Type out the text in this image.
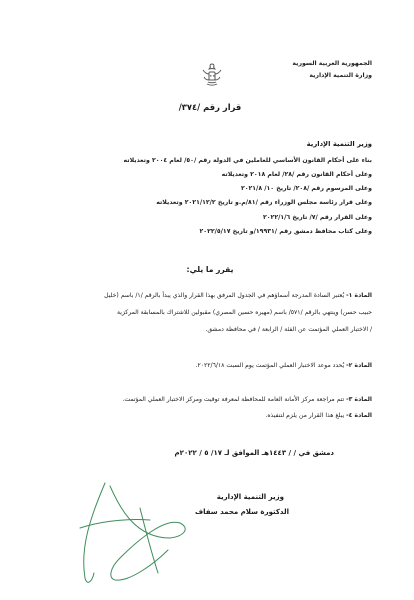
الجمهورية العربية السورية
وزارة التنمية الإدارية
قرار رقم /٣٧٤/
وزير التنمية الإدارية
بناء على أحكام القانون الأساسي للعاملين في الدولة رقم /٥٠/ لعام ٢٠٠٤ وتعديلاته
وعلى أحكام القانون رقم /٢٨/ لعام ٢٠١٨ وتعديلاته
وعلى المرسوم رقم /٢٠٨/ تاريخ ١٠/ ٢٠٢١/٨
وعلى قرار رئاسة مجلس الوزراء رقم /٨١/م.و تاريخ ٢٠٢١/١٢/٢ وتعديلاته
وعلى القرار رقم /٧/ تاريخ ٢٠٢٢/١/٦
وعلى كتاب محافظ دمشق رقم /١٩٩٣١/و تاريخ ٢٠٢٢/٥/١٧
يقرر ما يلي:
المادة ١- يُعتبر السادة المدرجة أسماؤهم في الجدول المرفق بهذا القرار والذي يبدأ بالرقم /١/ باسم (خليل
حبيب حسن) وينتهي بالرقم /٥٧١/ باسم (مهيره حسين المصري) مقبولين للاشتراك بالمسابقة المركزية
/ الاختبار العملي المؤتمت عن الفئة / الرابعة / في محافظة دمشق.
المادة ٢- يُحدد موعد الاختبار العملي المؤتمت يوم السبت ٢٠٢٢/٦/١٨.
المادة ٣- تتم مراجعة مركز الأمانة العامة للمحافظة لمعرفة توقيت ومركز الاختبار العملي المؤتمت.
المادة ٤- يبلغ هذا القرار من يلزم لتنفيذه.
دمشق في / / ١٤٤٣هـ الموافق لـ ١٧/ ٥ / ٢٠٢٢م
وزير التنمية الإدارية
الدكتورة سلام محمد سفاف
